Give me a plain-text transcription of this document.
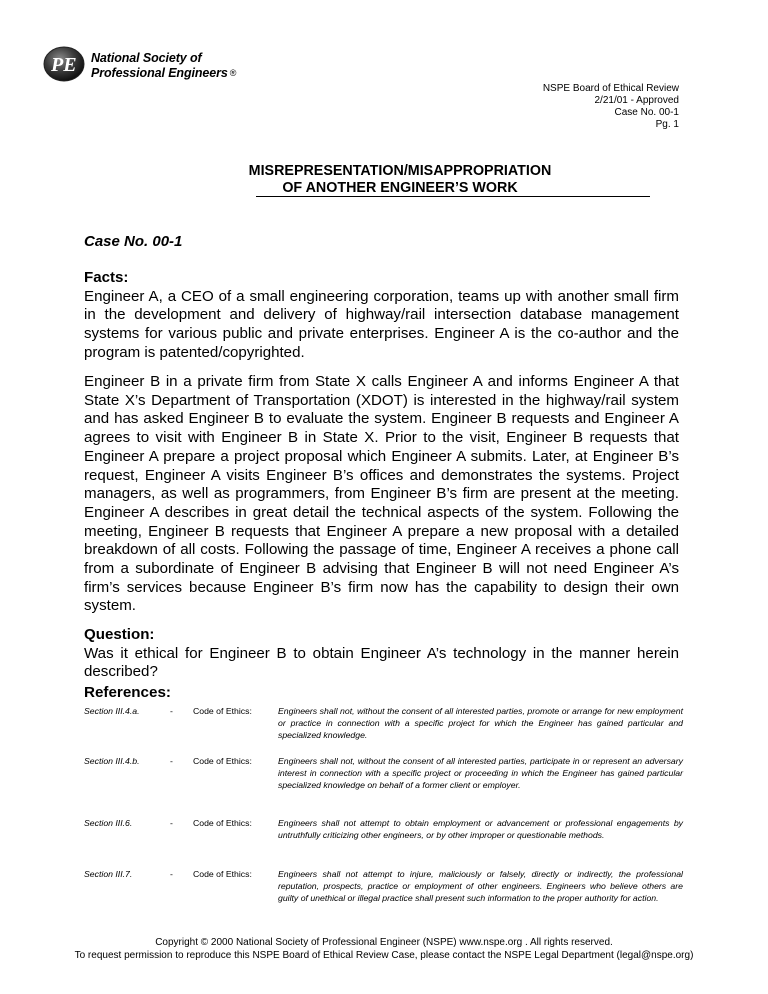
PE National Society of
Professional Engineers ®
NSPE Board of Ethical Review
2/21/01 - Approved
Case No. 00-1
Pg. 1
MISREPRESENTATION/MISAPPROPRIATION
OF ANOTHER ENGINEER’S WORK
Case No. 00-1
Facts:
Engineer A, a CEO of a small engineering corporation, teams up with another small firm in the development and delivery of highway/rail intersection database management systems for various public and private enterprises. Engineer A is the co-author and the program is patented/copyrighted.
Engineer B in a private firm from State X calls Engineer A and informs Engineer A that State X’s Department of Transportation (XDOT) is interested in the highway/rail system and has asked Engineer B to evaluate the system. Engineer B requests and Engineer A agrees to visit with Engineer B in State X. Prior to the visit, Engineer B requests that Engineer A prepare a project proposal which Engineer A submits. Later, at Engineer B’s request, Engineer A visits Engineer B’s offices and demonstrates the systems. Project managers, as well as programmers, from Engineer B’s firm are present at the meeting. Engineer A describes in great detail the technical aspects of the system. Following the meeting, Engineer B requests that Engineer A prepare a new proposal with a detailed breakdown of all costs. Following the passage of time, Engineer A receives a phone call from a subordinate of Engineer B advising that Engineer B will not need Engineer A’s firm’s services because Engineer B’s firm now has the capability to design their own system.
Question:
Was it ethical for Engineer B to obtain Engineer A’s technology in the manner herein described?
References:
Section III.4.a.	- Code of Ethics:	Engineers shall not, without the consent of all interested parties, promote or arrange for new employment or practice in connection with a specific project for which the Engineer has gained particular and specialized knowledge.
Section III.4.b.	- Code of Ethics:	Engineers shall not, without the consent of all interested parties, participate in or represent an adversary interest in connection with a specific project or proceeding in which the Engineer has gained particular specialized knowledge on behalf of a former client or employer.
Section III.6.	- Code of Ethics:	Engineers shall not attempt to obtain employment or advancement or professional engagements by untruthfully criticizing other engineers, or by other improper or questionable methods.
Section III.7.	- Code of Ethics:	Engineers shall not attempt to injure, maliciously or falsely, directly or indirectly, the professional reputation, prospects, practice or employment of other engineers. Engineers who believe others are guilty of unethical or illegal practice shall present such information to the proper authority for action.
Copyright © 2000 National Society of Professional Engineer (NSPE) www.nspe.org . All rights reserved.
To request permission to reproduce this NSPE Board of Ethical Review Case, please contact the NSPE Legal Department (legal@nspe.org)
